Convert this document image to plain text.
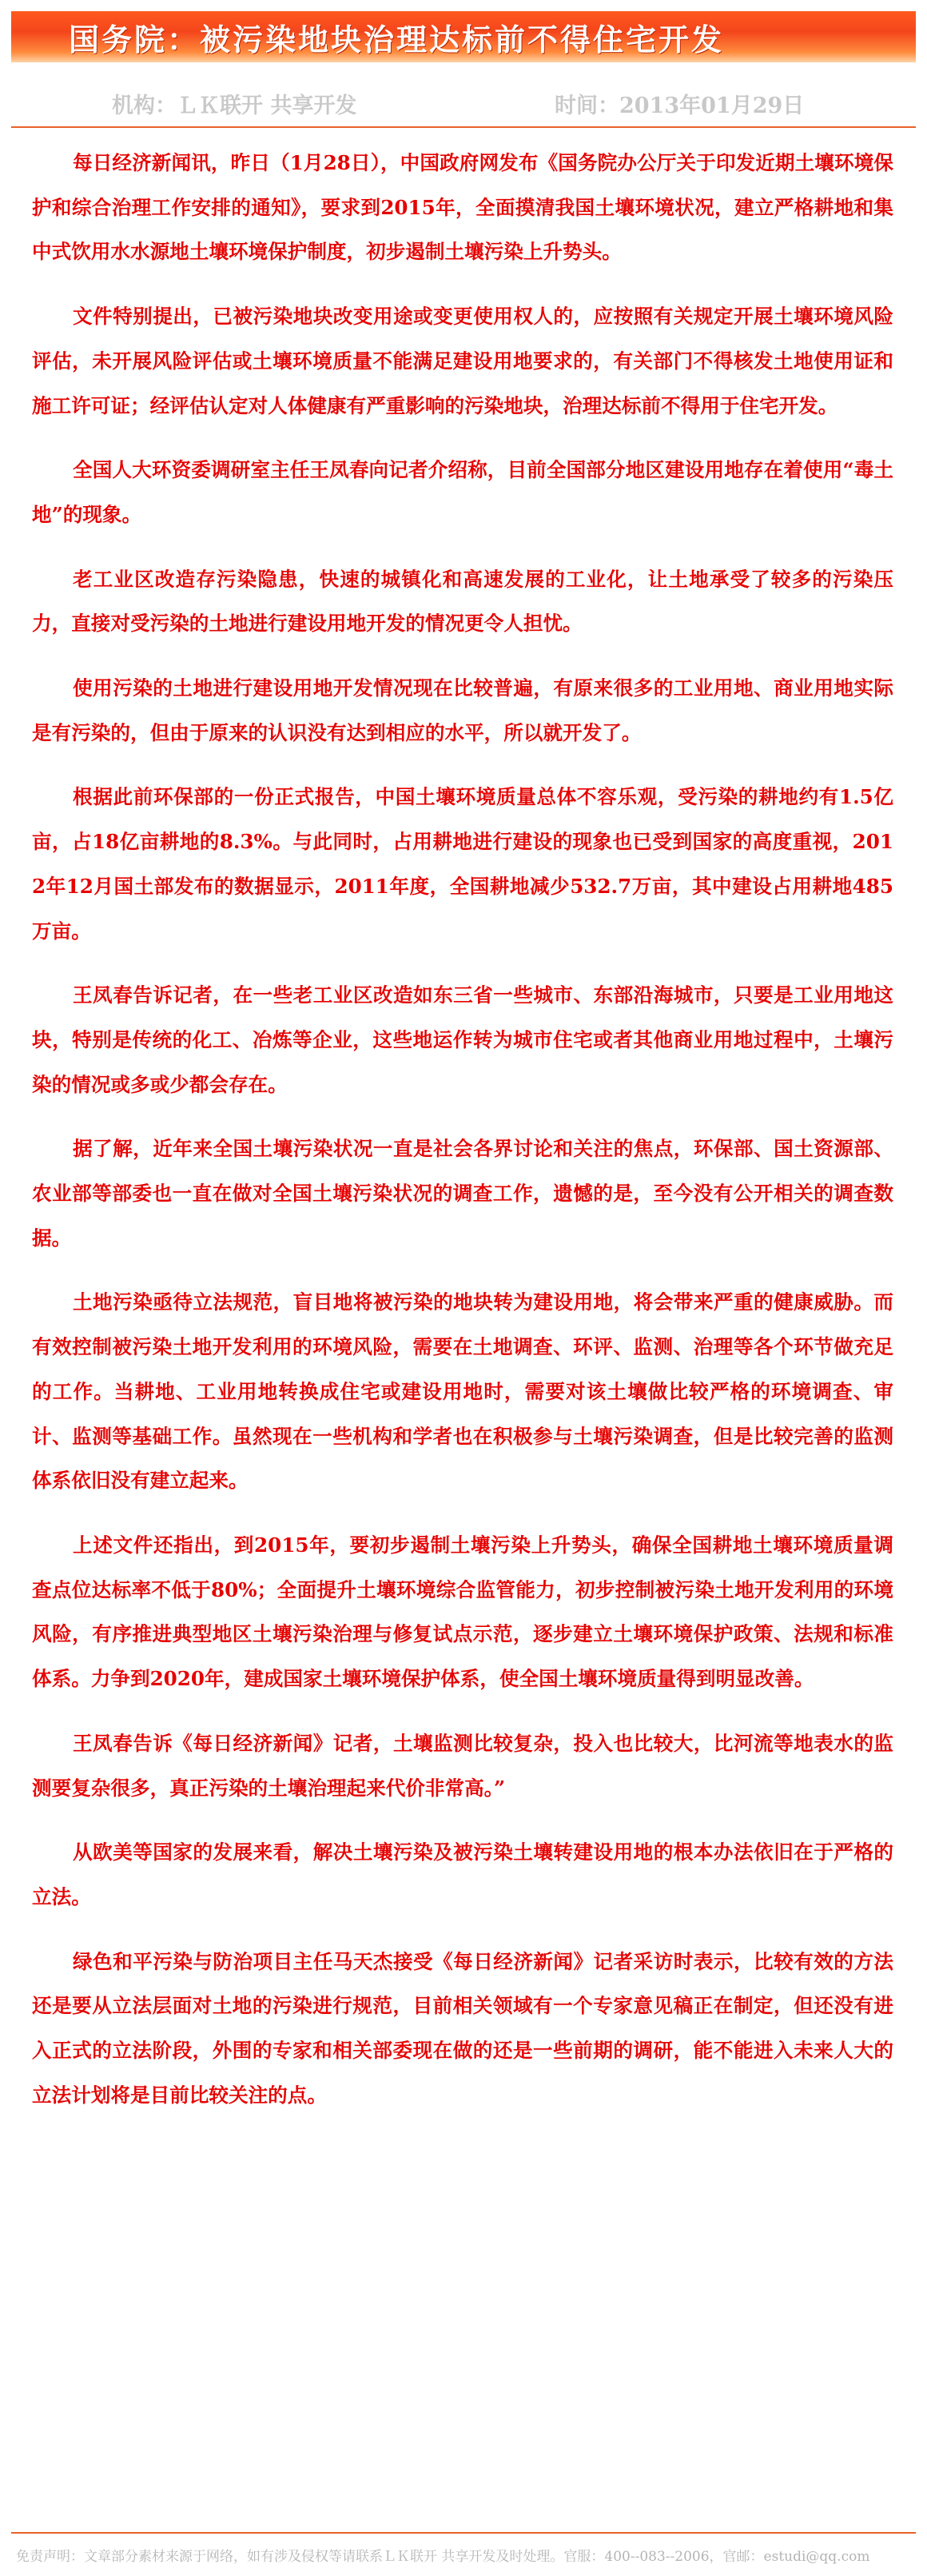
国务院：被污染地块治理达标前不得住宅开发
机构：ＬＫ联开 共享开发	时间：2013年01月29日

每日经济新闻讯，昨日（1月28日），中国政府网发布《国务院办公厅关于印发近期土壤环境保护和综合治理工作安排的通知》，要求到2015年，全面摸清我国土壤环境状况，建立严格耕地和集中式饮用水水源地土壤环境保护制度，初步遏制土壤污染上升势头。

文件特别提出，已被污染地块改变用途或变更使用权人的，应按照有关规定开展土壤环境风险评估，未开展风险评估或土壤环境质量不能满足建设用地要求的，有关部门不得核发土地使用证和施工许可证；经评估认定对人体健康有严重影响的污染地块，治理达标前不得用于住宅开发。

全国人大环资委调研室主任王凤春向记者介绍称，目前全国部分地区建设用地存在着使用“毒土地”的现象。

老工业区改造存污染隐患，快速的城镇化和高速发展的工业化，让土地承受了较多的污染压力，直接对受污染的土地进行建设用地开发的情况更令人担忧。

使用污染的土地进行建设用地开发情况现在比较普遍，有原来很多的工业用地、商业用地实际是有污染的，但由于原来的认识没有达到相应的水平，所以就开发了。

根据此前环保部的一份正式报告，中国土壤环境质量总体不容乐观，受污染的耕地约有1.5亿亩，占18亿亩耕地的8.3%。与此同时，占用耕地进行建设的现象也已受到国家的高度重视，2012年12月国土部发布的数据显示，2011年度，全国耕地减少532.7万亩，其中建设占用耕地485万亩。

王凤春告诉记者，在一些老工业区改造如东三省一些城市、东部沿海城市，只要是工业用地这块，特别是传统的化工、冶炼等企业，这些地运作转为城市住宅或者其他商业用地过程中，土壤污染的情况或多或少都会存在。

据了解，近年来全国土壤污染状况一直是社会各界讨论和关注的焦点，环保部、国土资源部、农业部等部委也一直在做对全国土壤污染状况的调查工作，遗憾的是，至今没有公开相关的调查数据。

土地污染亟待立法规范，盲目地将被污染的地块转为建设用地，将会带来严重的健康威胁。而有效控制被污染土地开发利用的环境风险，需要在土地调查、环评、监测、治理等各个环节做充足的工作。当耕地、工业用地转换成住宅或建设用地时，需要对该土壤做比较严格的环境调查、审计、监测等基础工作。虽然现在一些机构和学者也在积极参与土壤污染调查，但是比较完善的监测体系依旧没有建立起来。

上述文件还指出，到2015年，要初步遏制土壤污染上升势头，确保全国耕地土壤环境质量调查点位达标率不低于80%；全面提升土壤环境综合监管能力，初步控制被污染土地开发利用的环境风险，有序推进典型地区土壤污染治理与修复试点示范，逐步建立土壤环境保护政策、法规和标准体系。力争到2020年，建成国家土壤环境保护体系，使全国土壤环境质量得到明显改善。

王凤春告诉《每日经济新闻》记者，土壤监测比较复杂，投入也比较大，比河流等地表水的监测要复杂很多，真正污染的土壤治理起来代价非常高。”

从欧美等国家的发展来看，解决土壤污染及被污染土壤转建设用地的根本办法依旧在于严格的立法。

绿色和平污染与防治项目主任马天杰接受《每日经济新闻》记者采访时表示，比较有效的方法还是要从立法层面对土地的污染进行规范，目前相关领域有一个专家意见稿正在制定，但还没有进入正式的立法阶段，外围的专家和相关部委现在做的还是一些前期的调研，能不能进入未来人大的立法计划将是目前比较关注的点。

免责声明：文章部分素材来源于网络，如有涉及侵权等请联系ＬＫ联开 共享开发及时处理。官服：400--083--2006，官邮：estudi@qq.com
